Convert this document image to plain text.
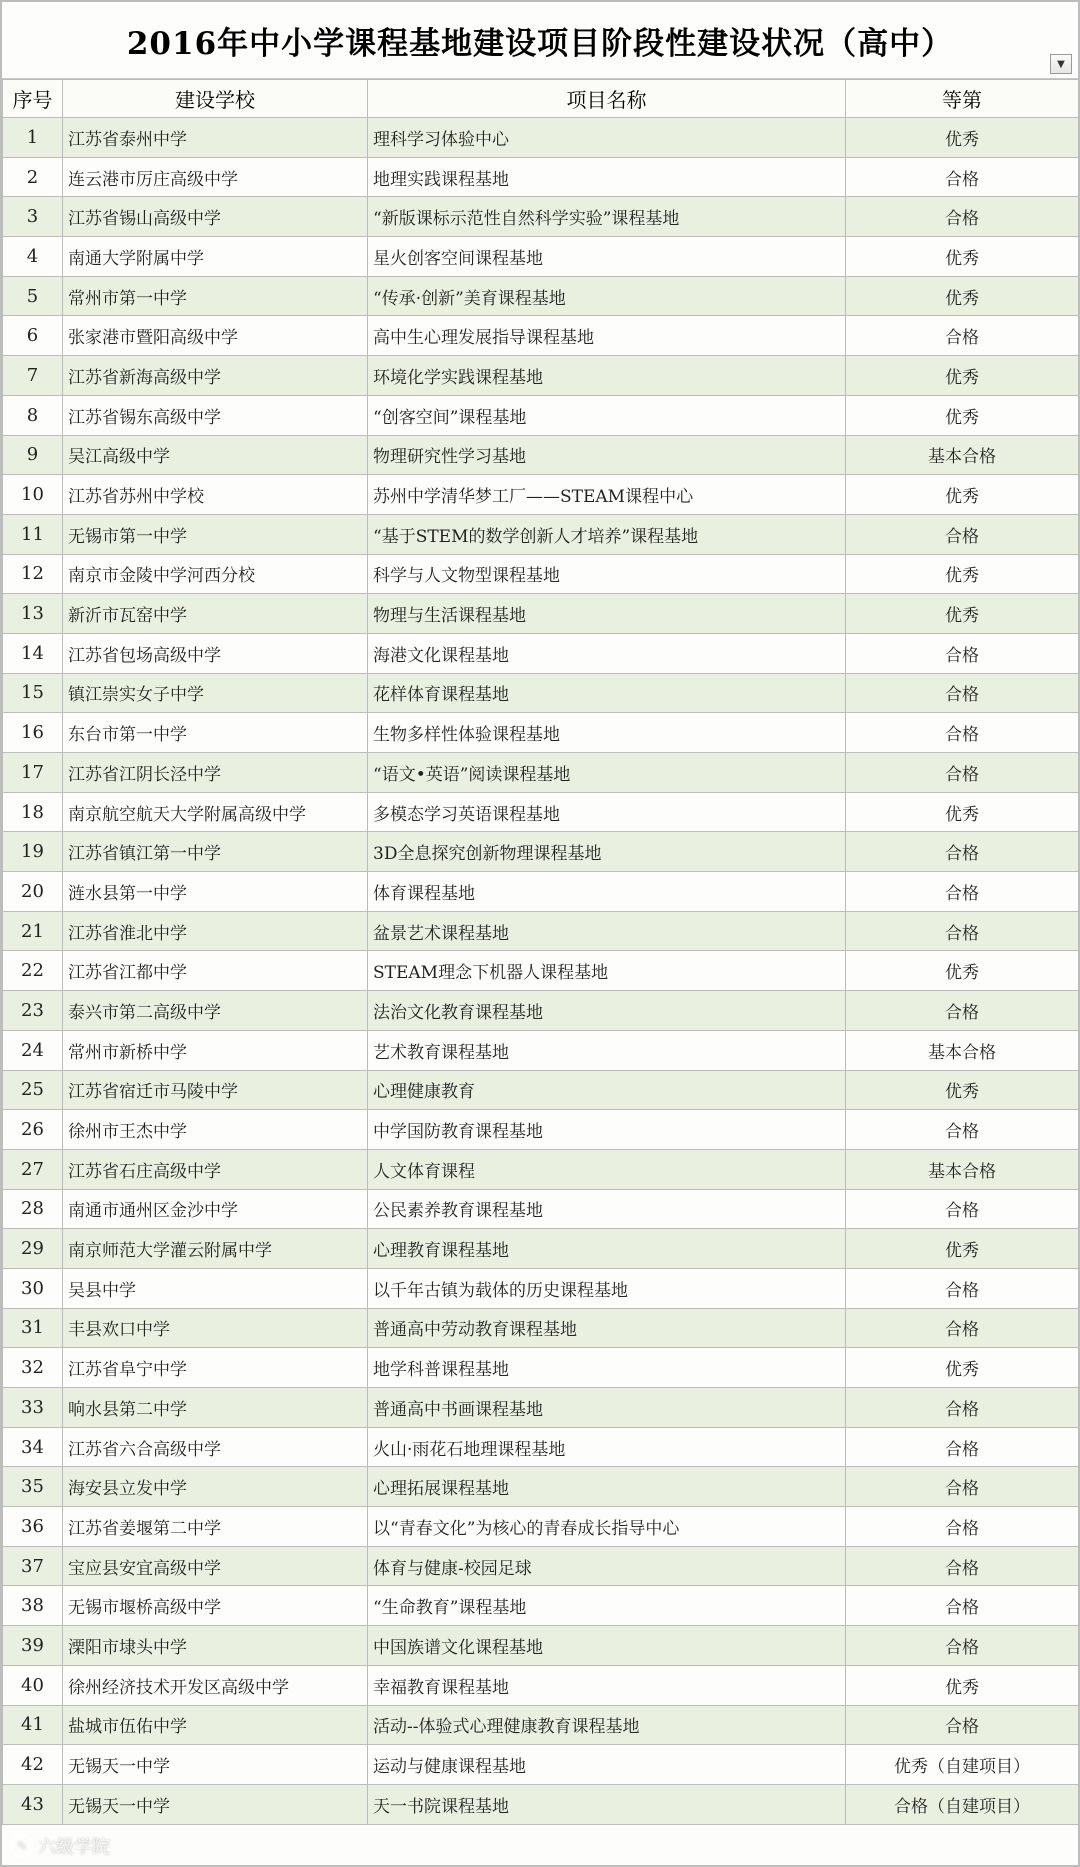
2016年中小学课程基地建设项目阶段性建设状况（高中）
▼
序号	建设学校	项目名称	等第
1	江苏省泰州中学	理科学习体验中心	优秀
2	连云港市厉庄高级中学	地理实践课程基地	合格
3	江苏省锡山高级中学	“新版课标示范性自然科学实验”课程基地	合格
4	南通大学附属中学	星火创客空间课程基地	优秀
5	常州市第一中学	“传承·创新”美育课程基地	优秀
6	张家港市暨阳高级中学	高中生心理发展指导课程基地	合格
7	江苏省新海高级中学	环境化学实践课程基地	优秀
8	江苏省锡东高级中学	“创客空间”课程基地	优秀
9	吴江高级中学	物理研究性学习基地	基本合格
10	江苏省苏州中学校	苏州中学清华梦工厂——STEAM课程中心	优秀
11	无锡市第一中学	“基于STEM的数学创新人才培养”课程基地	合格
12	南京市金陵中学河西分校	科学与人文物型课程基地	优秀
13	新沂市瓦窑中学	物理与生活课程基地	优秀
14	江苏省包场高级中学	海港文化课程基地	合格
15	镇江崇实女子中学	花样体育课程基地	合格
16	东台市第一中学	生物多样性体验课程基地	合格
17	江苏省江阴长泾中学	“语文•英语”阅读课程基地	合格
18	南京航空航天大学附属高级中学	多模态学习英语课程基地	优秀
19	江苏省镇江第一中学	3D全息探究创新物理课程基地	合格
20	涟水县第一中学	体育课程基地	合格
21	江苏省淮北中学	盆景艺术课程基地	合格
22	江苏省江都中学	STEAM理念下机器人课程基地	优秀
23	泰兴市第二高级中学	法治文化教育课程基地	合格
24	常州市新桥中学	艺术教育课程基地	基本合格
25	江苏省宿迁市马陵中学	心理健康教育	优秀
26	徐州市王杰中学	中学国防教育课程基地	合格
27	江苏省石庄高级中学	人文体育课程	基本合格
28	南通市通州区金沙中学	公民素养教育课程基地	合格
29	南京师范大学灌云附属中学	心理教育课程基地	优秀
30	吴县中学	以千年古镇为载体的历史课程基地	合格
31	丰县欢口中学	普通高中劳动教育课程基地	合格
32	江苏省阜宁中学	地学科普课程基地	优秀
33	响水县第二中学	普通高中书画课程基地	合格
34	江苏省六合高级中学	火山·雨花石地理课程基地	合格
35	海安县立发中学	心理拓展课程基地	合格
36	江苏省姜堰第二中学	以“青春文化”为核心的青春成长指导中心	合格
37	宝应县安宜高级中学	体育与健康-校园足球	合格
38	无锡市堰桥高级中学	“生命教育”课程基地	合格
39	溧阳市埭头中学	中国族谱文化课程基地	合格
40	徐州经济技术开发区高级中学	幸福教育课程基地	优秀
41	盐城市伍佑中学	活动--体验式心理健康教育课程基地	合格
42	无锡天一中学	运动与健康课程基地	优秀（自建项目）
43	无锡天一中学	天一书院课程基地	合格（自建项目）
✎ 六级学院
